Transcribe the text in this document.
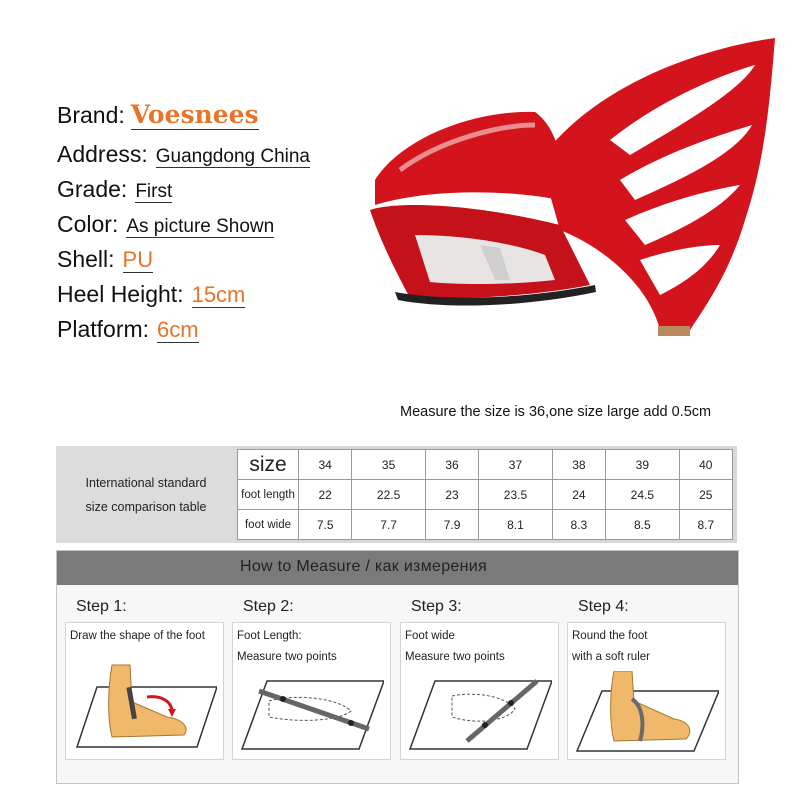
Brand: Voesnees
Address: Guangdong China
Grade: First
Color: As picture Shown
Shell: PU
Heel Height: 15cm
Platform: 6cm
Measure the size is 36,one size large add 0.5cm
International standard
size comparison table
size	34	35	36	37	38	39	40
foot length	22	22.5	23	23.5	24	24.5	25
foot wide	7.5	7.7	7.9	8.1	8.3	8.5	8.7
How to Measure / как измерения
Step 1:	Step 2:	Step 3:	Step 4:
Draw the shape of the foot	Foot Length:
Measure two points
Foot wide
Measure two points
Round the foot
with a soft ruler
